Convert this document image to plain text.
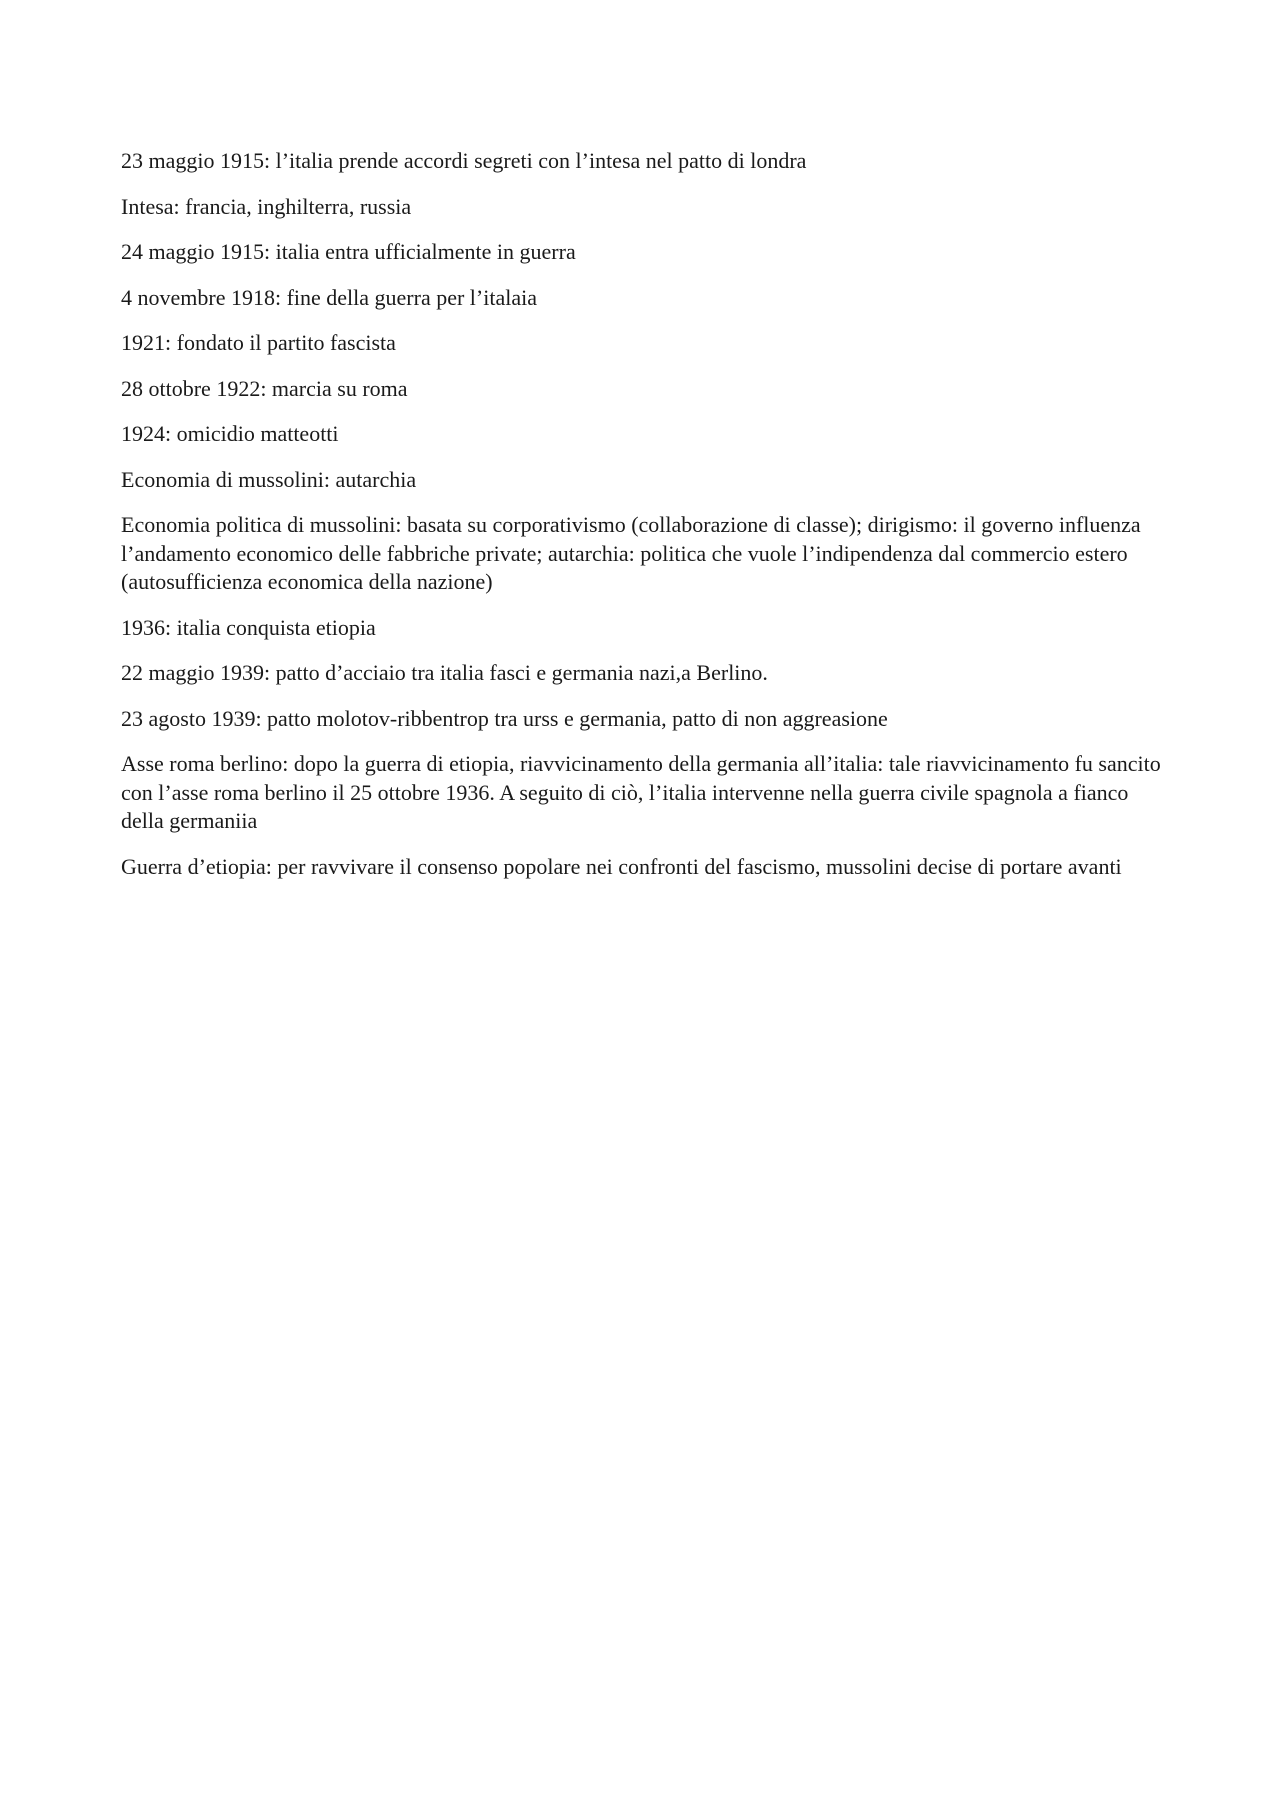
23 maggio 1915: l’italia prende accordi segreti con l’intesa nel patto di londra

Intesa: francia, inghilterra, russia

24 maggio 1915: italia entra ufficialmente in guerra

4 novembre 1918: fine della guerra per l’italaia

1921: fondato il partito fascista

28 ottobre 1922: marcia su roma

1924: omicidio matteotti

Economia di mussolini: autarchia

Economia politica di mussolini: basata su corporativismo (collaborazione di classe); dirigismo: il governo influenza l’andamento economico delle fabbriche private; autarchia: politica che vuole l’indipendenza dal commercio estero (autosufficienza economica della nazione)

1936: italia conquista etiopia

22 maggio 1939: patto d’acciaio tra italia fasci e germania nazi,a Berlino.

23 agosto 1939: patto molotov-ribbentrop tra urss e germania, patto di non aggreasione

Asse roma berlino: dopo la guerra di etiopia, riavvicinamento della germania all’italia: tale riavvicinamento fu sancito con l’asse roma berlino il 25 ottobre 1936. A seguito di ciò, l’italia intervenne nella guerra civile spagnola a fianco della germaniia

Guerra d’etiopia: per ravvivare il consenso popolare nei confronti del fascismo, mussolini decise di portare avanti
